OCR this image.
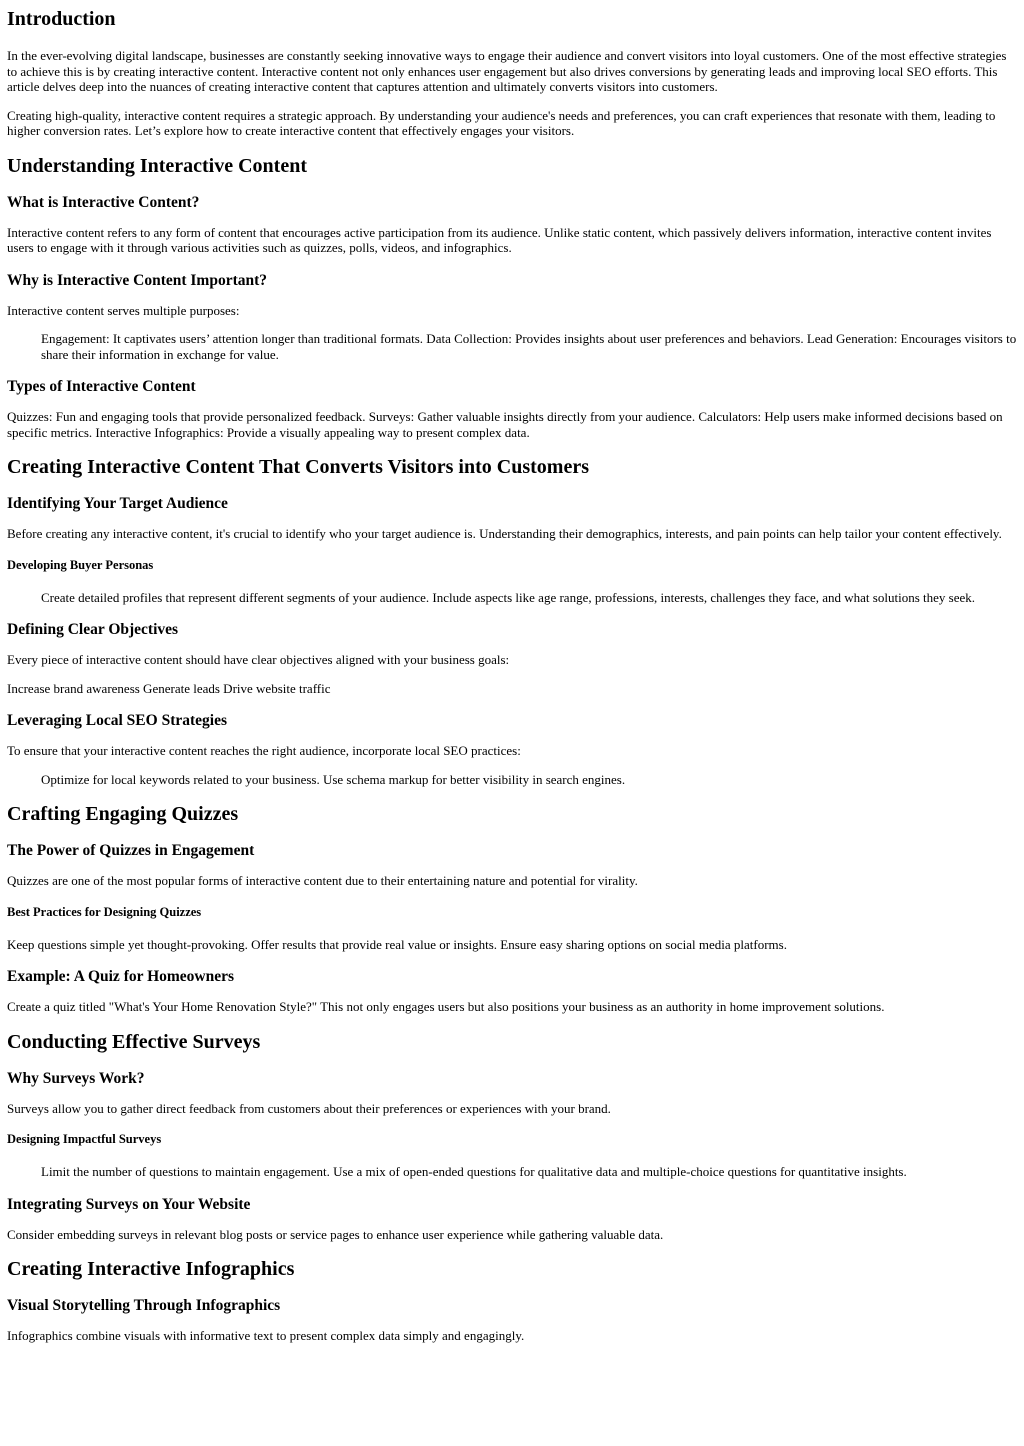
Introduction

In the ever-evolving digital landscape, businesses are constantly seeking innovative ways to engage their audience and convert visitors into loyal customers. One of the most effective strategies to achieve this is by creating interactive content. Interactive content not only enhances user engagement but also drives conversions by generating leads and improving local SEO efforts. This article delves deep into the nuances of creating interactive content that captures attention and ultimately converts visitors into customers.

Creating high-quality, interactive content requires a strategic approach. By understanding your audience's needs and preferences, you can craft experiences that resonate with them, leading to higher conversion rates. Let’s explore how to create interactive content that effectively engages your visitors.

Understanding Interactive Content
What is Interactive Content?

Interactive content refers to any form of content that encourages active participation from its audience. Unlike static content, which passively delivers information, interactive content invites users to engage with it through various activities such as quizzes, polls, videos, and infographics.

Why is Interactive Content Important?

Interactive content serves multiple purposes:

Engagement: It captivates users’ attention longer than traditional formats. Data Collection: Provides insights about user preferences and behaviors. Lead Generation: Encourages visitors to share their information in exchange for value.

Types of Interactive Content

Quizzes: Fun and engaging tools that provide personalized feedback. Surveys: Gather valuable insights directly from your audience. Calculators: Help users make informed decisions based on specific metrics. Interactive Infographics: Provide a visually appealing way to present complex data.

Creating Interactive Content That Converts Visitors into Customers
Identifying Your Target Audience

Before creating any interactive content, it's crucial to identify who your target audience is. Understanding their demographics, interests, and pain points can help tailor your content effectively.

Developing Buyer Personas

Create detailed profiles that represent different segments of your audience. Include aspects like age range, professions, interests, challenges they face, and what solutions they seek.

Defining Clear Objectives

Every piece of interactive content should have clear objectives aligned with your business goals:

Increase brand awareness Generate leads Drive website traffic

Leveraging Local SEO Strategies

To ensure that your interactive content reaches the right audience, incorporate local SEO practices:

Optimize for local keywords related to your business. Use schema markup for better visibility in search engines.

Crafting Engaging Quizzes
The Power of Quizzes in Engagement

Quizzes are one of the most popular forms of interactive content due to their entertaining nature and potential for virality.

Best Practices for Designing Quizzes

Keep questions simple yet thought-provoking. Offer results that provide real value or insights. Ensure easy sharing options on social media platforms.

Example: A Quiz for Homeowners

Create a quiz titled "What's Your Home Renovation Style?" This not only engages users but also positions your business as an authority in home improvement solutions.

Conducting Effective Surveys
Why Surveys Work?

Surveys allow you to gather direct feedback from customers about their preferences or experiences with your brand.

Designing Impactful Surveys

Limit the number of questions to maintain engagement. Use a mix of open-ended questions for qualitative data and multiple-choice questions for quantitative insights.

Integrating Surveys on Your Website

Consider embedding surveys in relevant blog posts or service pages to enhance user experience while gathering valuable data.

Creating Interactive Infographics
Visual Storytelling Through Infographics

Infographics combine visuals with informative text to present complex data simply and engagingly.
